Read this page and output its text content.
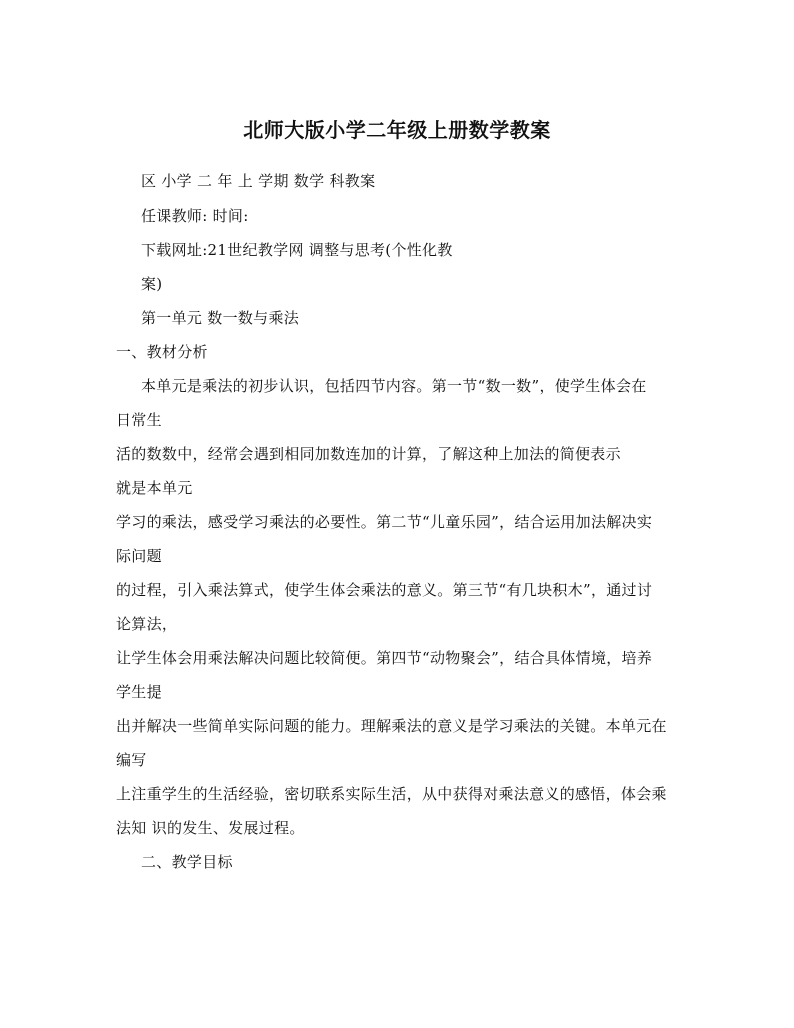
北师大版小学二年级上册数学教案
区 小学 二 年 上 学期 数学 科教案
任课教师: 时间:
下载网址:21世纪教学网 调整与思考(个性化教
案)
第一单元 数一数与乘法
一、教材分析
本单元是乘法的初步认识，包括四节内容。第一节“数一数”，使学生体会在
日常生
活的数数中，经常会遇到相同加数连加的计算，了解这种上加法的简便表示
就是本单元
学习的乘法，感受学习乘法的必要性。第二节“儿童乐园”，结合运用加法解决实
际问题
的过程，引入乘法算式，使学生体会乘法的意义。第三节“有几块积木”，通过讨
论算法，
让学生体会用乘法解决问题比较简便。第四节“动物聚会”，结合具体情境，培养
学生提
出并解决一些简单实际问题的能力。理解乘法的意义是学习乘法的关键。本单元在
编写
上注重学生的生活经验，密切联系实际生活，从中获得对乘法意义的感悟，体会乘
法知 识的发生、发展过程。
二、教学目标
